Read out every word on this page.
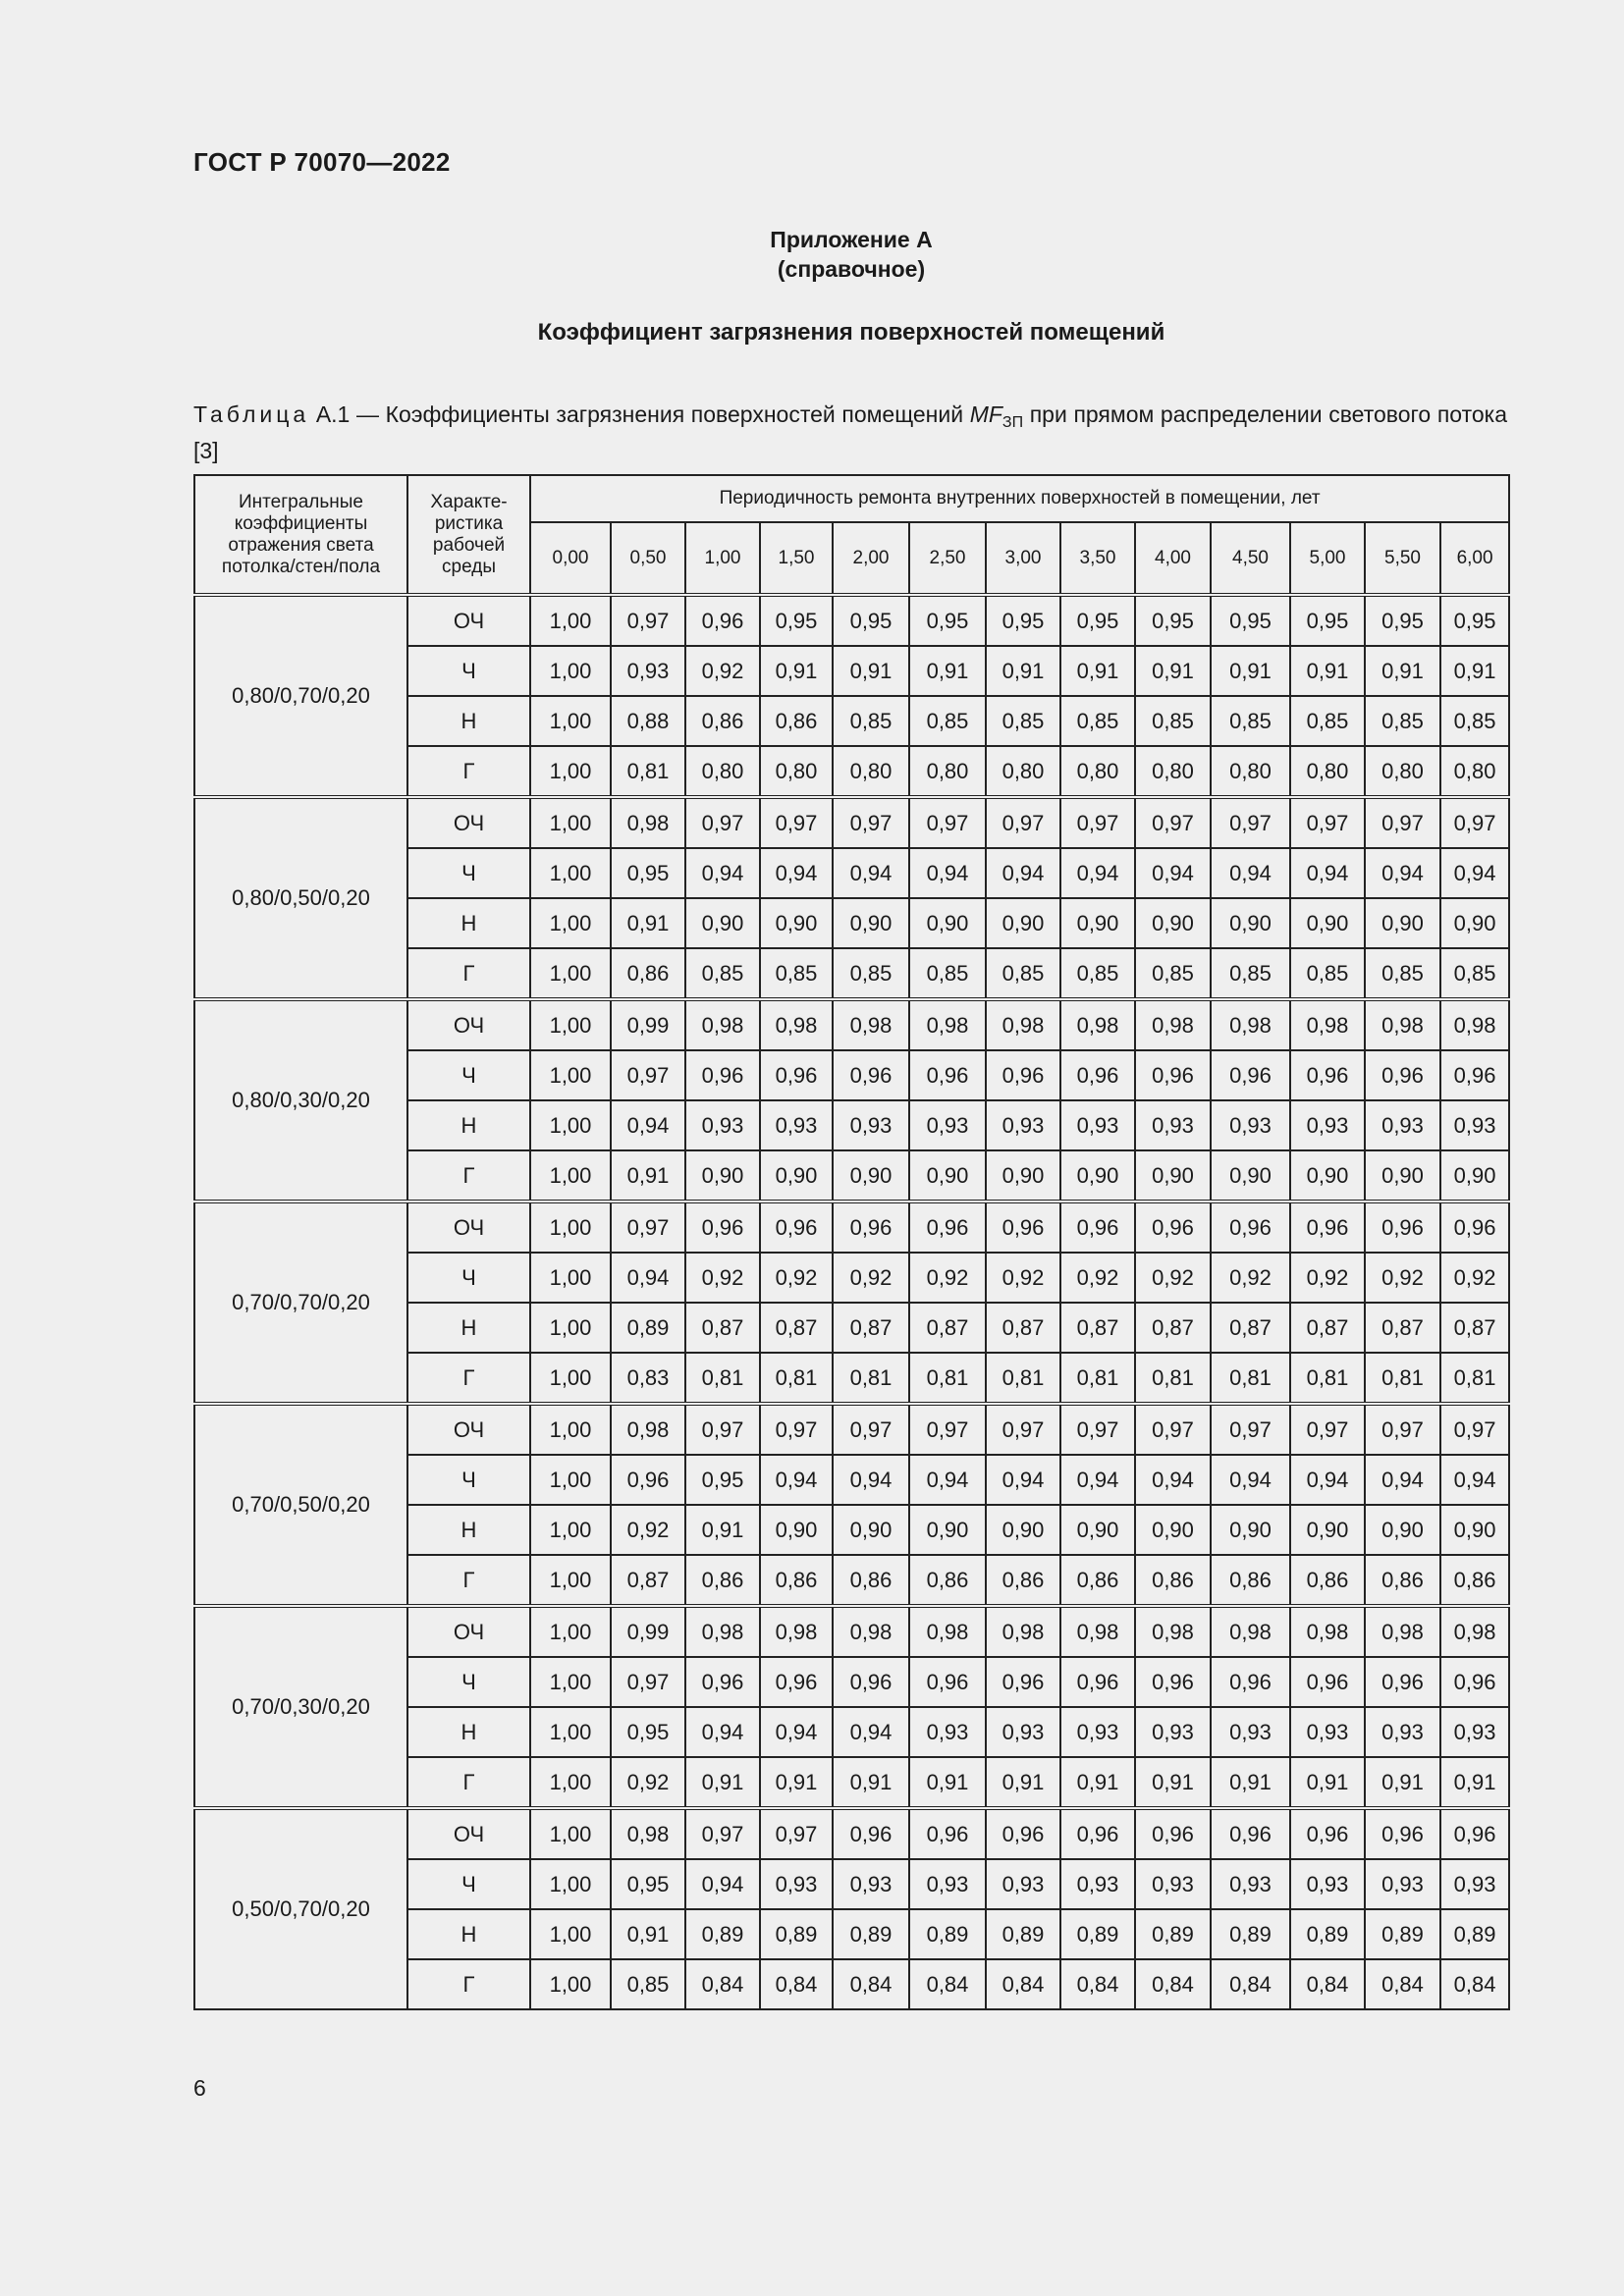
ГОСТ Р 70070—2022
Приложение А
(справочное)
Коэффициент загрязнения поверхностей помещений
Таблица А.1 — Коэффициенты загрязнения поверхностей помещений $MF_{ЗП}$ при прямом распределении светового потока [3]
Интегральные коэффициенты отражения света потолка/стен/пола	Характе-ристика рабочей среды	Периодичность ремонта внутренних поверхностей в помещении, лет												
		0,00	0,50	1,00	1,50	2,00	2,50	3,00	3,50	4,00	4,50	5,00	5,50	6,00
0,80/0,70/0,20	ОЧ	1,00	0,97	0,96	0,95	0,95	0,95	0,95	0,95	0,95	0,95	0,95	0,95	0,95
	Ч	1,00	0,93	0,92	0,91	0,91	0,91	0,91	0,91	0,91	0,91	0,91	0,91	0,91
	Н	1,00	0,88	0,86	0,86	0,85	0,85	0,85	0,85	0,85	0,85	0,85	0,85	0,85
	Г	1,00	0,81	0,80	0,80	0,80	0,80	0,80	0,80	0,80	0,80	0,80	0,80	0,80
0,80/0,50/0,20	ОЧ	1,00	0,98	0,97	0,97	0,97	0,97	0,97	0,97	0,97	0,97	0,97	0,97	0,97
	Ч	1,00	0,95	0,94	0,94	0,94	0,94	0,94	0,94	0,94	0,94	0,94	0,94	0,94
	Н	1,00	0,91	0,90	0,90	0,90	0,90	0,90	0,90	0,90	0,90	0,90	0,90	0,90
	Г	1,00	0,86	0,85	0,85	0,85	0,85	0,85	0,85	0,85	0,85	0,85	0,85	0,85
0,80/0,30/0,20	ОЧ	1,00	0,99	0,98	0,98	0,98	0,98	0,98	0,98	0,98	0,98	0,98	0,98	0,98
	Ч	1,00	0,97	0,96	0,96	0,96	0,96	0,96	0,96	0,96	0,96	0,96	0,96	0,96
	Н	1,00	0,94	0,93	0,93	0,93	0,93	0,93	0,93	0,93	0,93	0,93	0,93	0,93
	Г	1,00	0,91	0,90	0,90	0,90	0,90	0,90	0,90	0,90	0,90	0,90	0,90	0,90
0,70/0,70/0,20	ОЧ	1,00	0,97	0,96	0,96	0,96	0,96	0,96	0,96	0,96	0,96	0,96	0,96	0,96
	Ч	1,00	0,94	0,92	0,92	0,92	0,92	0,92	0,92	0,92	0,92	0,92	0,92	0,92
	Н	1,00	0,89	0,87	0,87	0,87	0,87	0,87	0,87	0,87	0,87	0,87	0,87	0,87
	Г	1,00	0,83	0,81	0,81	0,81	0,81	0,81	0,81	0,81	0,81	0,81	0,81	0,81
0,70/0,50/0,20	ОЧ	1,00	0,98	0,97	0,97	0,97	0,97	0,97	0,97	0,97	0,97	0,97	0,97	0,97
	Ч	1,00	0,96	0,95	0,94	0,94	0,94	0,94	0,94	0,94	0,94	0,94	0,94	0,94
	Н	1,00	0,92	0,91	0,90	0,90	0,90	0,90	0,90	0,90	0,90	0,90	0,90	0,90
	Г	1,00	0,87	0,86	0,86	0,86	0,86	0,86	0,86	0,86	0,86	0,86	0,86	0,86
0,70/0,30/0,20	ОЧ	1,00	0,99	0,98	0,98	0,98	0,98	0,98	0,98	0,98	0,98	0,98	0,98	0,98
	Ч	1,00	0,97	0,96	0,96	0,96	0,96	0,96	0,96	0,96	0,96	0,96	0,96	0,96
	Н	1,00	0,95	0,94	0,94	0,94	0,93	0,93	0,93	0,93	0,93	0,93	0,93	0,93
	Г	1,00	0,92	0,91	0,91	0,91	0,91	0,91	0,91	0,91	0,91	0,91	0,91	0,91
0,50/0,70/0,20	ОЧ	1,00	0,98	0,97	0,97	0,96	0,96	0,96	0,96	0,96	0,96	0,96	0,96	0,96
	Ч	1,00	0,95	0,94	0,93	0,93	0,93	0,93	0,93	0,93	0,93	0,93	0,93	0,93
	Н	1,00	0,91	0,89	0,89	0,89	0,89	0,89	0,89	0,89	0,89	0,89	0,89	0,89
	Г	1,00	0,85	0,84	0,84	0,84	0,84	0,84	0,84	0,84	0,84	0,84	0,84	0,84
6
